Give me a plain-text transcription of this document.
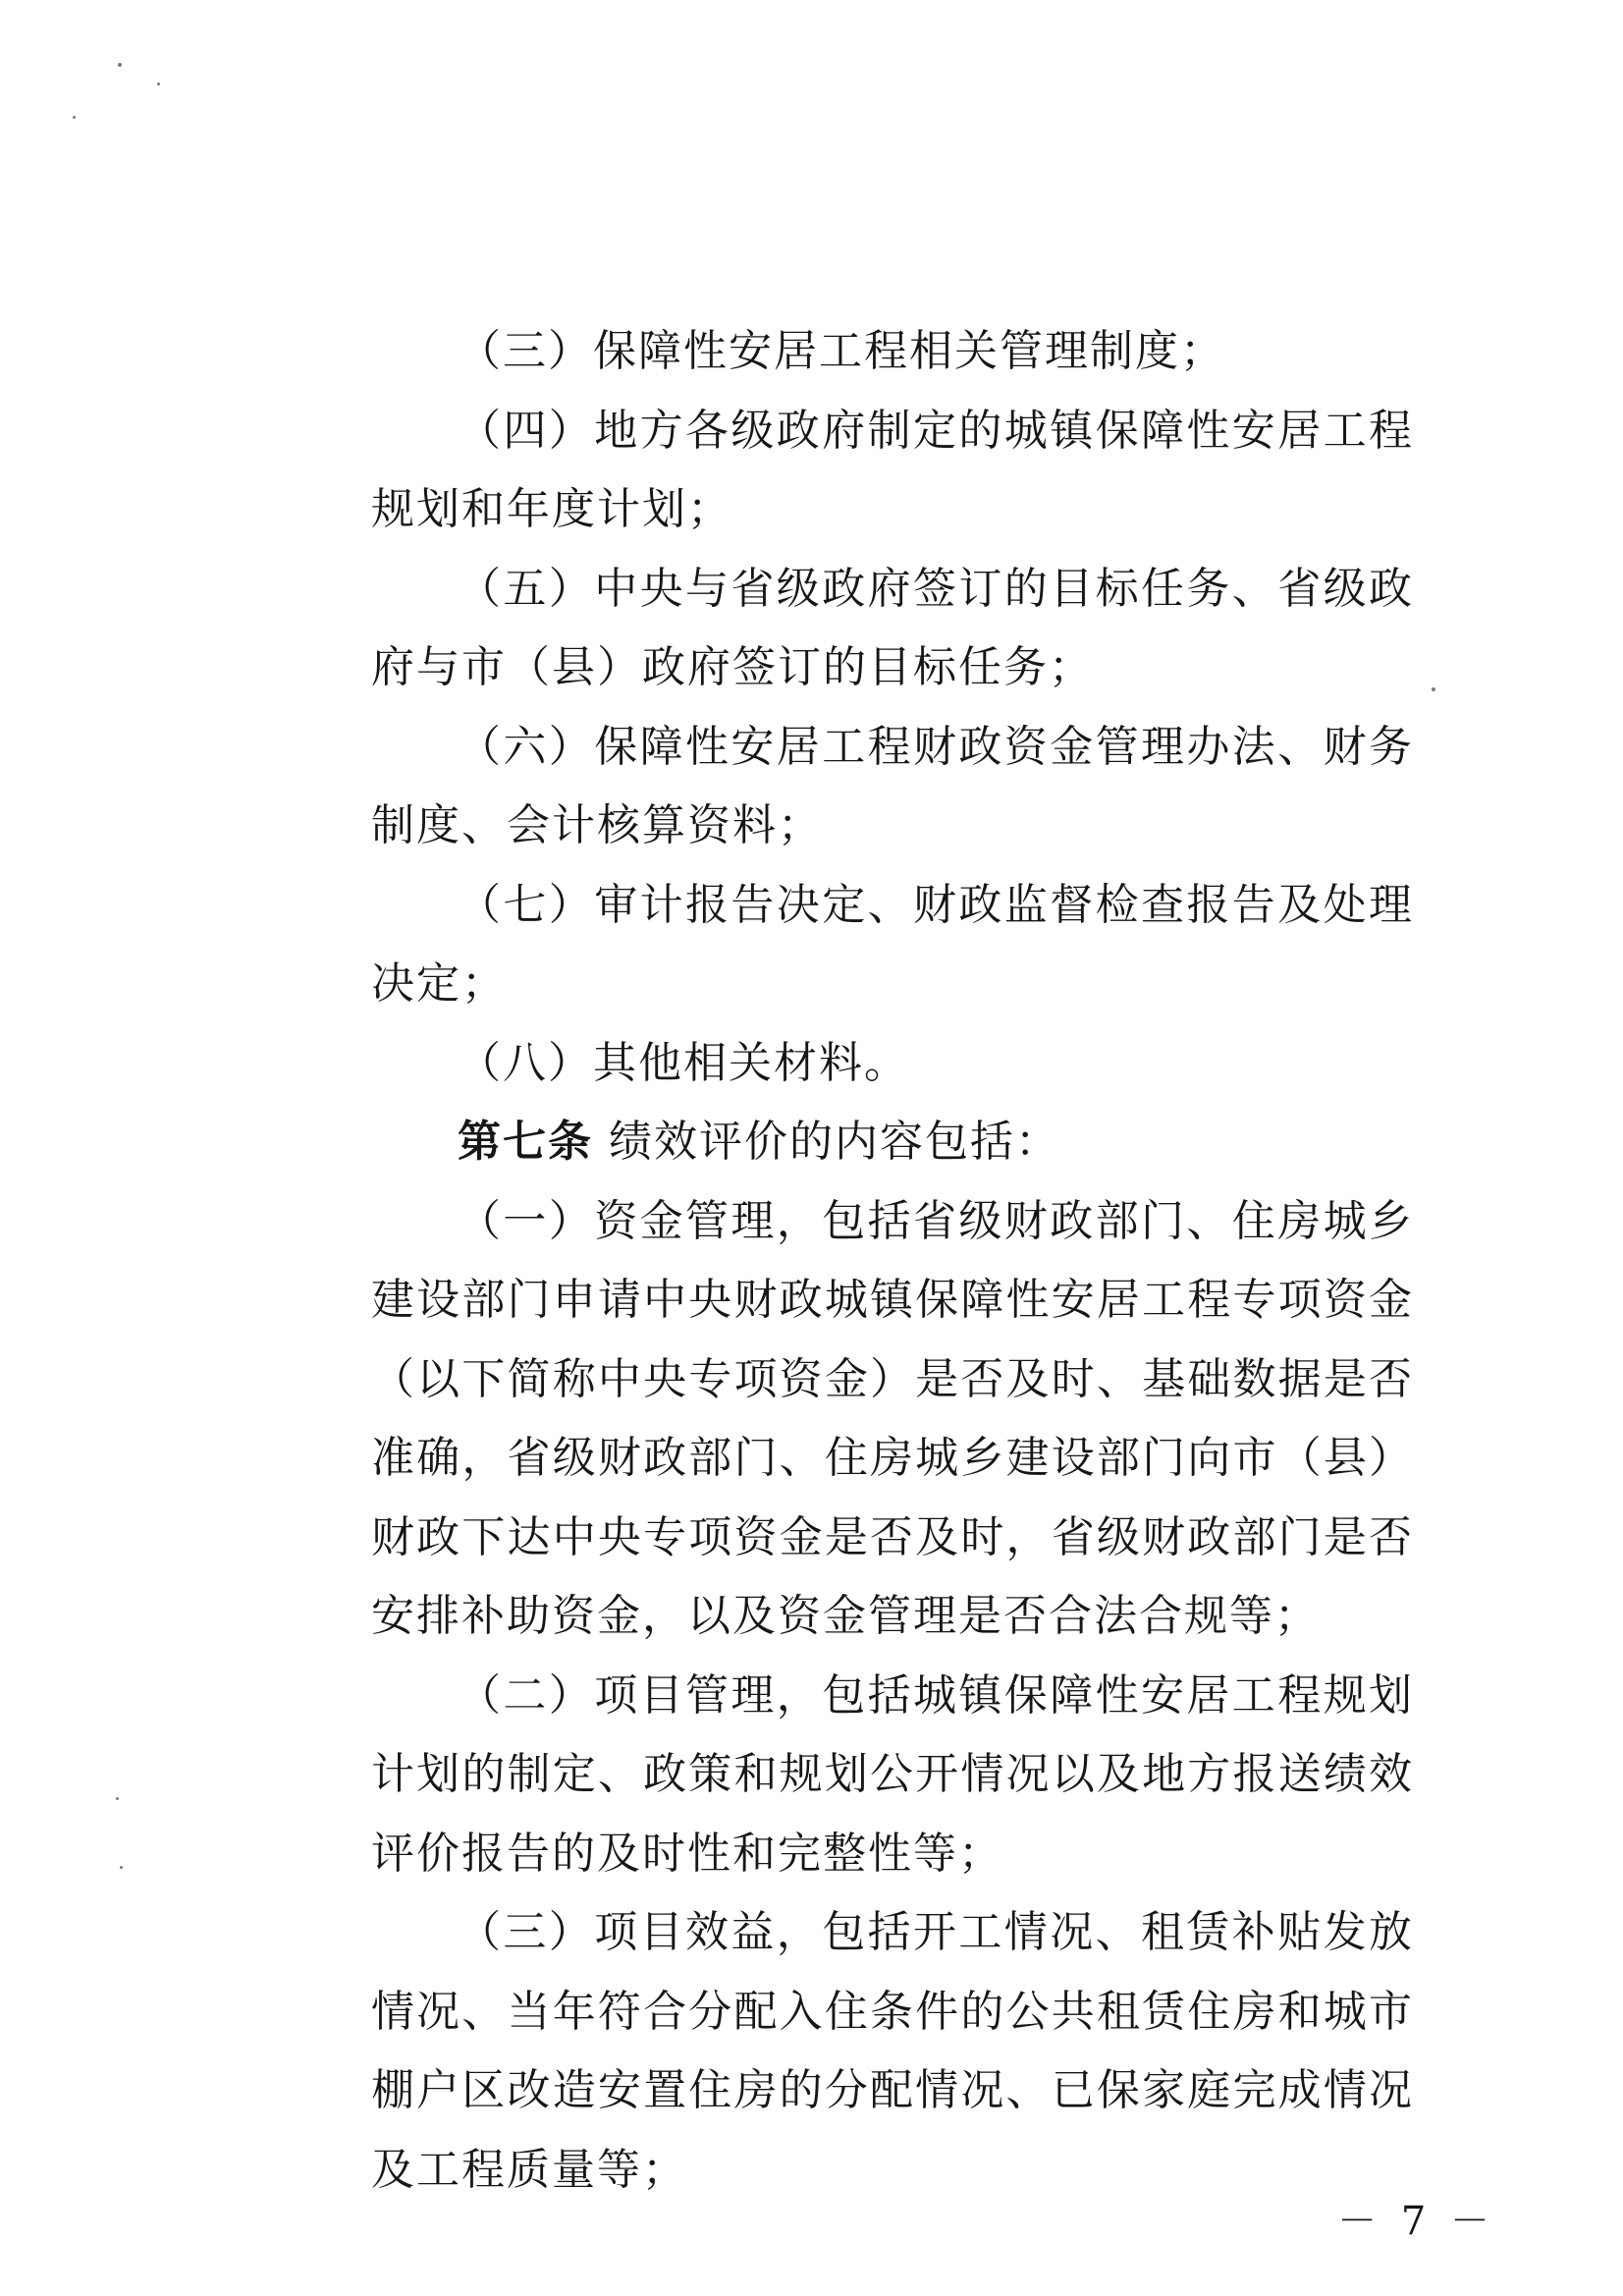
（三）保障性安居工程相关管理制度；

（四）地方各级政府制定的城镇保障性安居工程规划和年度计划；

（五）中央与省级政府签订的目标任务、省级政府与市（县）政府签订的目标任务；

（六）保障性安居工程财政资金管理办法、财务制度、会计核算资料；

（七）审计报告决定、财政监督检查报告及处理决定；

（八）其他相关材料。

第七条 绩效评价的内容包括：

（一）资金管理，包括省级财政部门、住房城乡建设部门申请中央财政城镇保障性安居工程专项资金（以下简称中央专项资金）是否及时、基础数据是否准确，省级财政部门、住房城乡建设部门向市（县）财政下达中央专项资金是否及时，省级财政部门是否安排补助资金，以及资金管理是否合法合规等；

（二）项目管理，包括城镇保障性安居工程规划计划的制定、政策和规划公开情况以及地方报送绩效评价报告的及时性和完整性等；

（三）项目效益，包括开工情况、租赁补贴发放情况、当年符合分配入住条件的公共租赁住房和城市棚户区改造安置住房的分配情况、已保家庭完成情况及工程质量等；

－ 7 －
